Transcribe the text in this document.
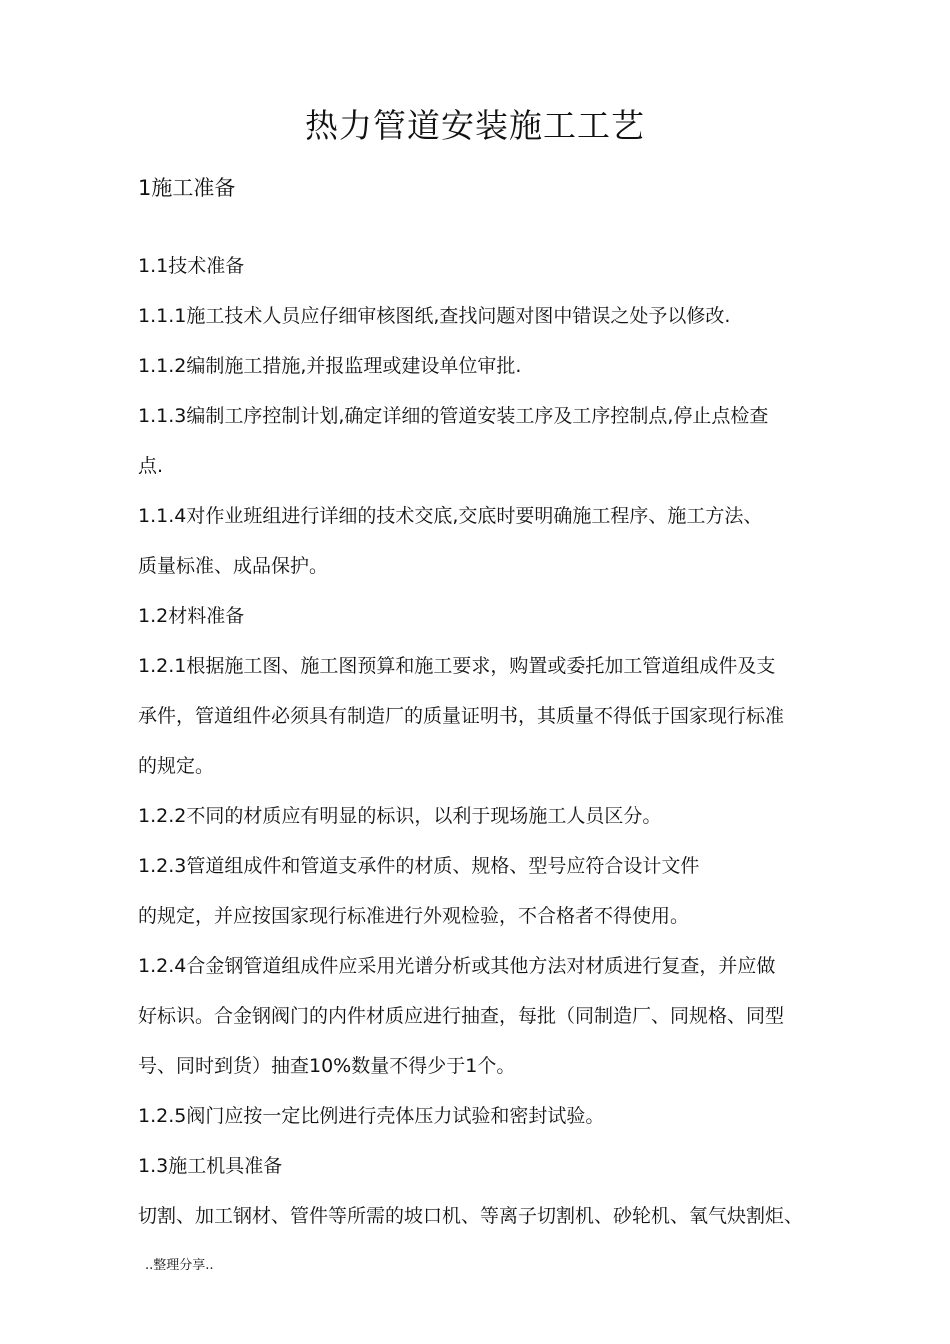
热力管道安装施工工艺
1施工准备
1.1技术准备
1.1.1施工技术人员应仔细审核图纸,查找问题对图中错误之处予以修改.
1.1.2编制施工措施,并报监理或建设单位审批.
1.1.3编制工序控制计划,确定详细的管道安装工序及工序控制点,停止点检查
点.
1.1.4对作业班组进行详细的技术交底,交底时要明确施工程序、施工方法、
质量标准、成品保护。
1.2材料准备
1.2.1根据施工图、施工图预算和施工要求，购置或委托加工管道组成件及支
承件，管道组件必须具有制造厂的质量证明书，其质量不得低于国家现行标准
的规定。
1.2.2不同的材质应有明显的标识，以利于现场施工人员区分。
1.2.3管道组成件和管道支承件的材质、规格、型号应符合设计文件
的规定，并应按国家现行标准进行外观检验，不合格者不得使用。
1.2.4合金钢管道组成件应采用光谱分析或其他方法对材质进行复查，并应做
好标识。合金钢阀门的内件材质应进行抽查，每批（同制造厂、同规格、同型
号、同时到货）抽查10%数量不得少于1个。
1.2.5阀门应按一定比例进行壳体压力试验和密封试验。
1.3施工机具准备
切割、加工钢材、管件等所需的坡口机、等离子切割机、砂轮机、氧气炔割炬、
..整理分享..
